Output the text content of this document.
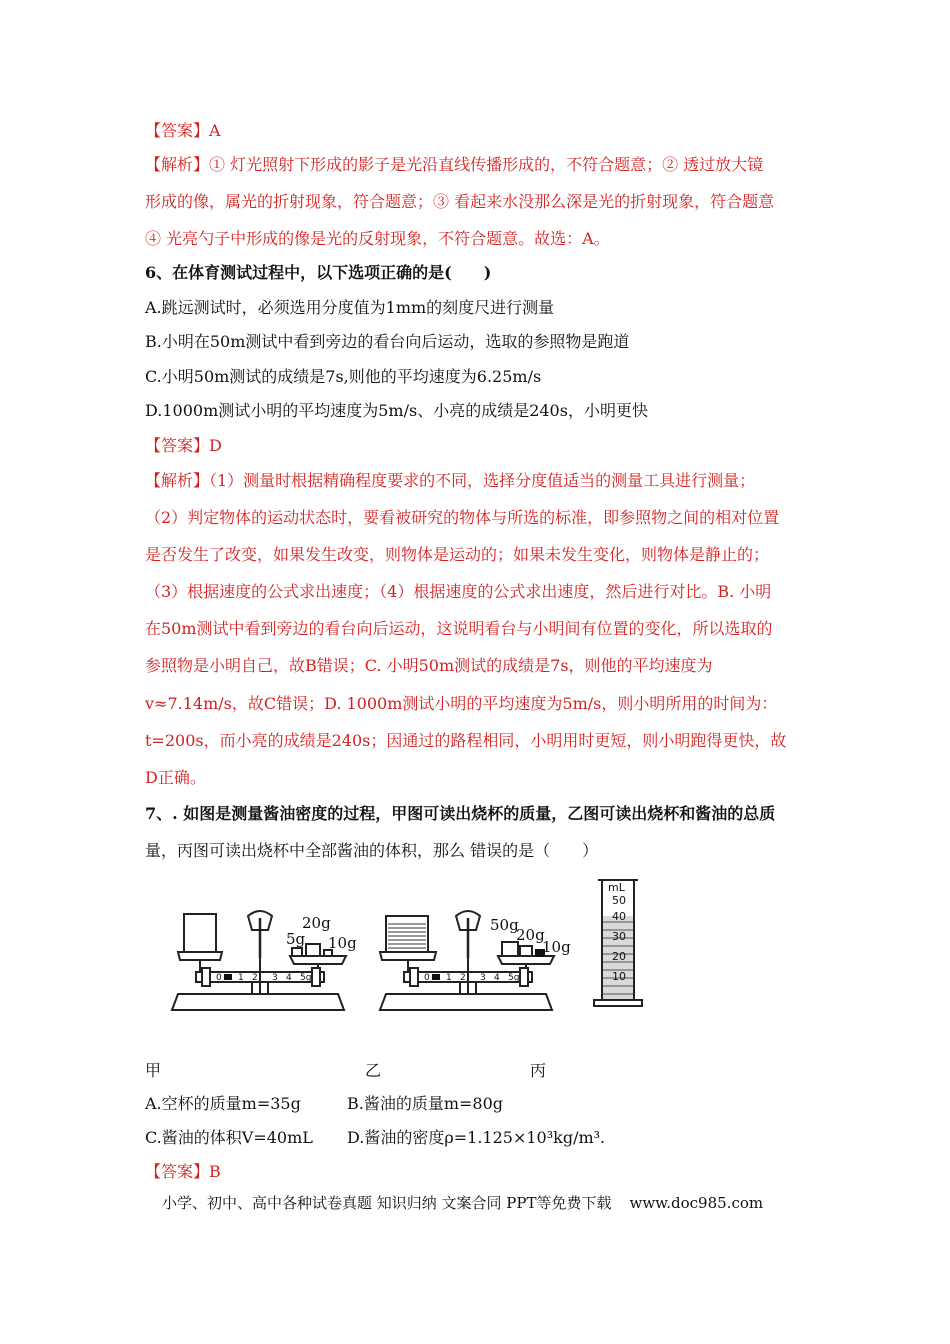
【答案】A
【解析】① 灯光照射下形成的影子是光沿直线传播形成的，不符合题意；② 透过放大镜
形成的像，属光的折射现象，符合题意；③ 看起来水没那么深是光的折射现象，符合题意
④ 光亮勺子中形成的像是光的反射现象，不符合题意。故选：A。
6、在体育测试过程中，以下选项正确的是(　　)
A.跳远测试时，必须选用分度值为1mm的刻度尺进行测量
B.小明在50m测试中看到旁边的看台向后运动，选取的参照物是跑道
C.小明50m测试的成绩是7s,则他的平均速度为6.25m/s
D.1000m测试小明的平均速度为5m/s、小亮的成绩是240s，小明更快
【答案】D
【解析】（1）测量时根据精确程度要求的不同，选择分度值适当的测量工具进行测量；
（2）判定物体的运动状态时，要看被研究的物体与所选的标准，即参照物之间的相对位置
是否发生了改变，如果发生改变，则物体是运动的；如果未发生变化，则物体是静止的；
（3）根据速度的公式求出速度；（4）根据速度的公式求出速度，然后进行对比。B. 小明
在50m测试中看到旁边的看台向后运动，这说明看台与小明间有位置的变化，所以选取的
参照物是小明自己，故B错误；C. 小明50m测试的成绩是7s，则他的平均速度为
v≈7.14m/s，故C错误；D. 1000m测试小明的平均速度为5m/s，则小明所用的时间为：
t=200s，而小亮的成绩是240s；因通过的路程相同，小明用时更短，则小明跑得更快，故
D正确。
7、. 如图是测量酱油密度的过程，甲图可读出烧杯的质量，乙图可读出烧杯和酱油的总质
量，丙图可读出烧杯中全部酱油的体积，那么 错误的是（　　）
0 1 2 3 4 5g
20g
5g 10g
0 1 2 3 4 5g
50g
20g
10g
mL
50
40
30
20
10
甲	乙	丙
A.空杯的质量m=35g	B.酱油的质量m=80g
C.酱油的体积V=40mL D.酱油的密度ρ=1.125×10³kg/m³.
【答案】B
小学、初中、高中各种试卷真题 知识归纳 文案合同 PPT等免费下载 www.doc985.com
